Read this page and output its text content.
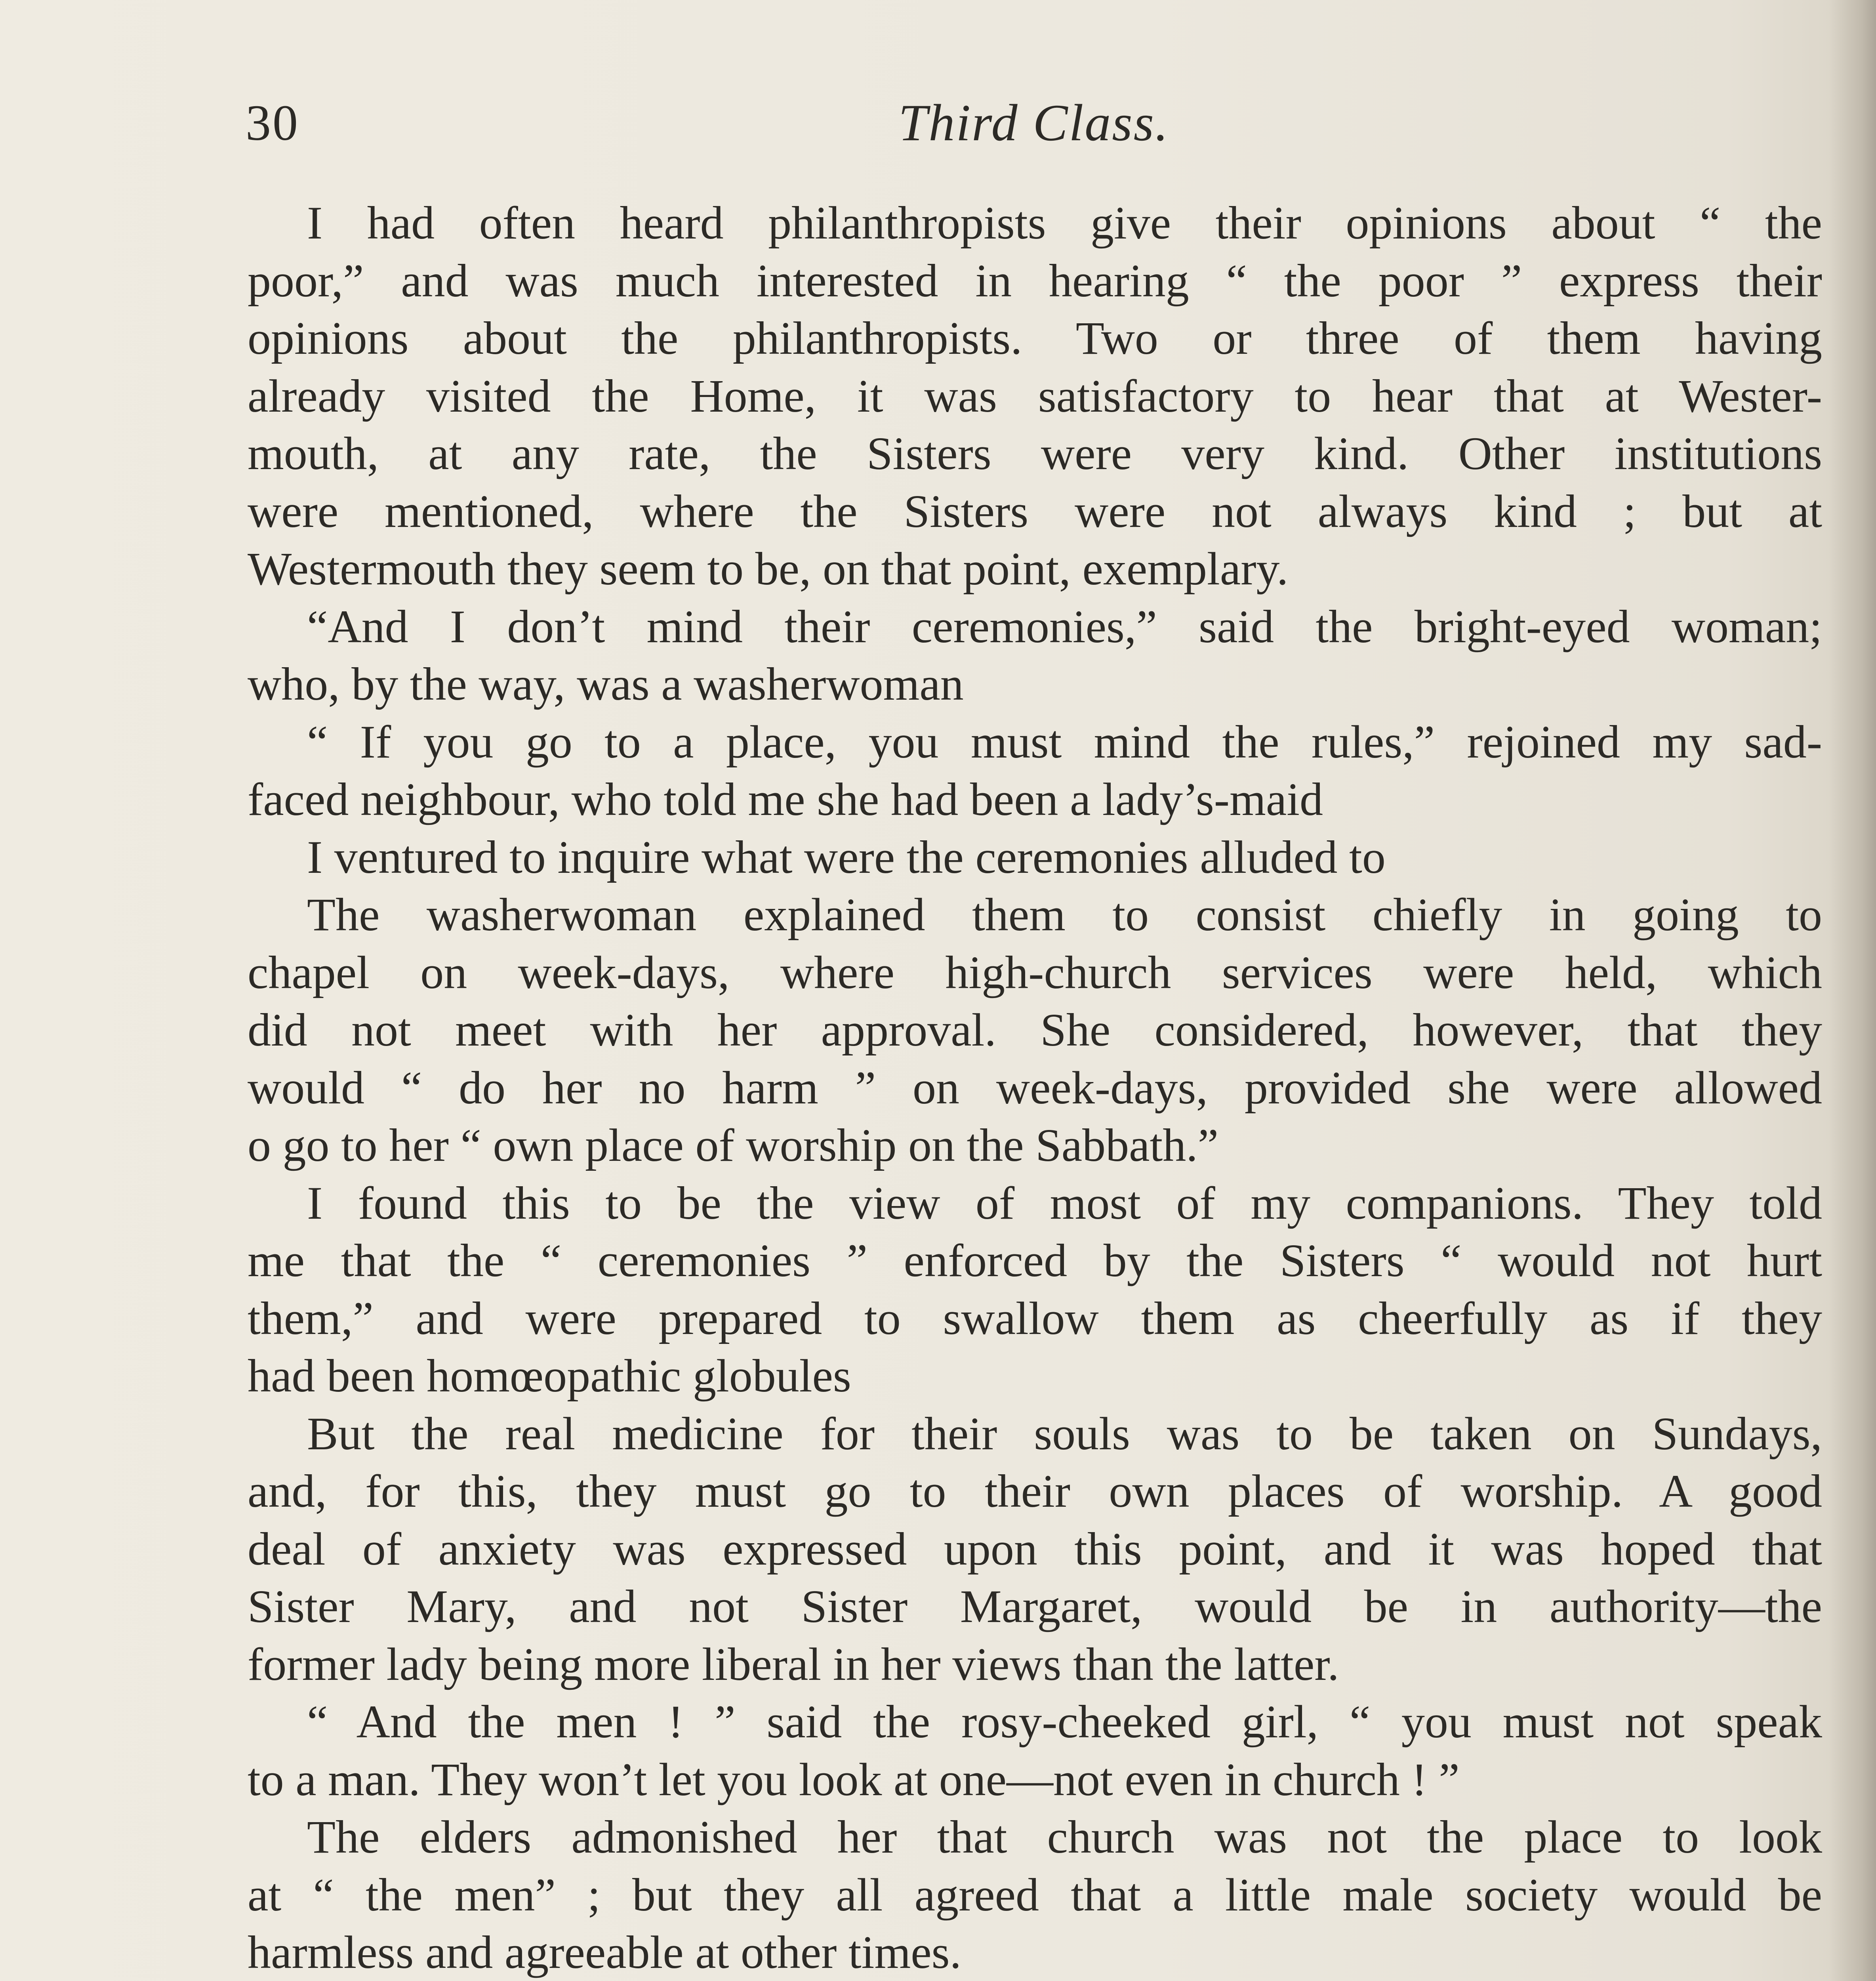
Third Class.
30
I had often heard philanthropists give their opinions about “ the
poor,” and was much interested in hearing “ the poor ” express their
opinions about the philanthropists. Two or three of them having
already visited the Home, it was satisfactory to hear that at Wester-
mouth, at any rate, the Sisters were very kind. Other institutions
were mentioned, where the Sisters were not always kind ; but at
Westermouth they seem to be, on that point, exemplary.
“And I don’t mind their ceremonies,” said the bright-eyed woman;
who, by the way, was a washerwoman
“ If you go to a place, you must mind the rules,” rejoined my sad-
faced neighbour, who told me she had been a lady’s-maid
I ventured to inquire what were the ceremonies alluded to
The washerwoman explained them to consist chiefly in going to
chapel on week-days, where high-church services were held, which
did not meet with her approval. She considered, however, that they
would “ do her no harm ” on week-days, provided she were allowed
o go to her “ own place of worship on the Sabbath.”
I found this to be the view of most of my companions. They told
me that the “ ceremonies ” enforced by the Sisters “ would not hurt
them,” and were prepared to swallow them as cheerfully as if they
had been homœopathic globules
But the real medicine for their souls was to be taken on Sundays,
and, for this, they must go to their own places of worship. A good
deal of anxiety was expressed upon this point, and it was hoped that
Sister Mary, and not Sister Margaret, would be in authority—the
former lady being more liberal in her views than the latter.
“ And the men ! ” said the rosy-cheeked girl, “ you must not speak
to a man. They won’t let you look at one—not even in church ! ”
The elders admonished her that church was not the place to look
at “ the men” ; but they all agreed that a little male society would be
harmless and agreeable at other times.
